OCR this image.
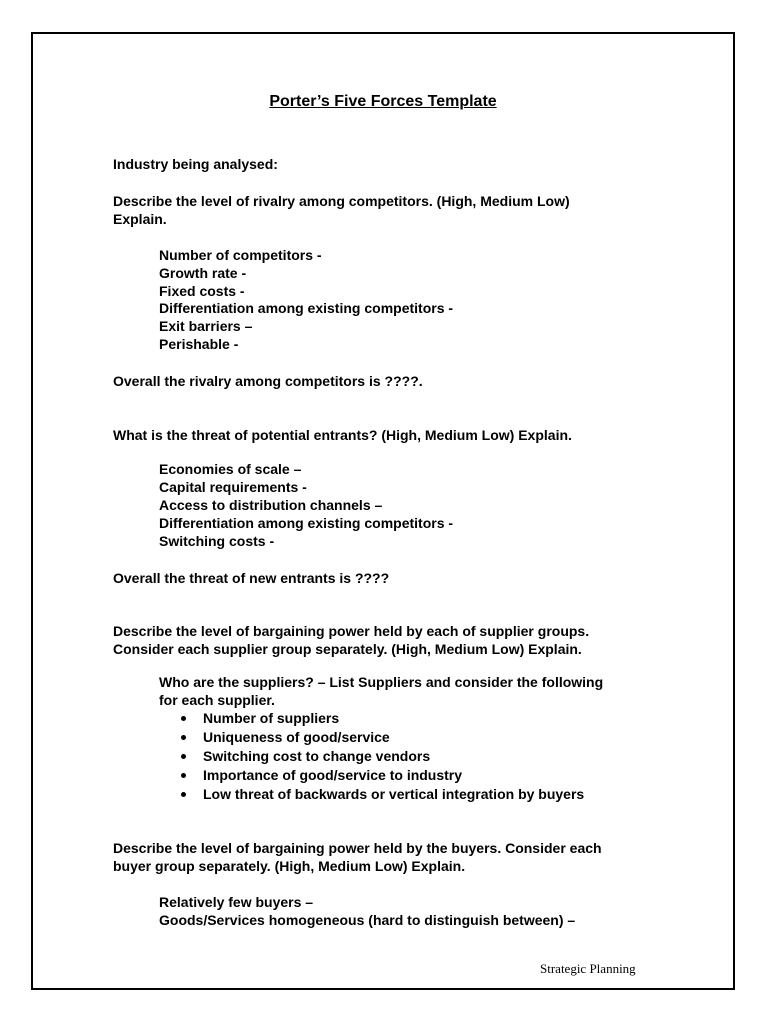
Porter’s Five Forces Template
Industry being analysed:
Describe the level of rivalry among competitors. (High, Medium Low)
Explain.
Number of competitors -
Growth rate -
Fixed costs -
Differentiation among existing competitors -
Exit barriers –
Perishable -
Overall the rivalry among competitors is ????.
What is the threat of potential entrants? (High, Medium Low) Explain.
Economies of scale –
Capital requirements -
Access to distribution channels –
Differentiation among existing competitors -
Switching costs -
Overall the threat of new entrants is ????
Describe the level of bargaining power held by each of supplier groups.
Consider each supplier group separately. (High, Medium Low) Explain.
Who are the suppliers? – List Suppliers and consider the following
for each supplier.
Number of suppliers
Uniqueness of good/service
Switching cost to change vendors
Importance of good/service to industry
Low threat of backwards or vertical integration by buyers
Describe the level of bargaining power held by the buyers. Consider each
buyer group separately. (High, Medium Low) Explain.
Relatively few buyers –
Goods/Services homogeneous (hard to distinguish between) –
Strategic Planning
